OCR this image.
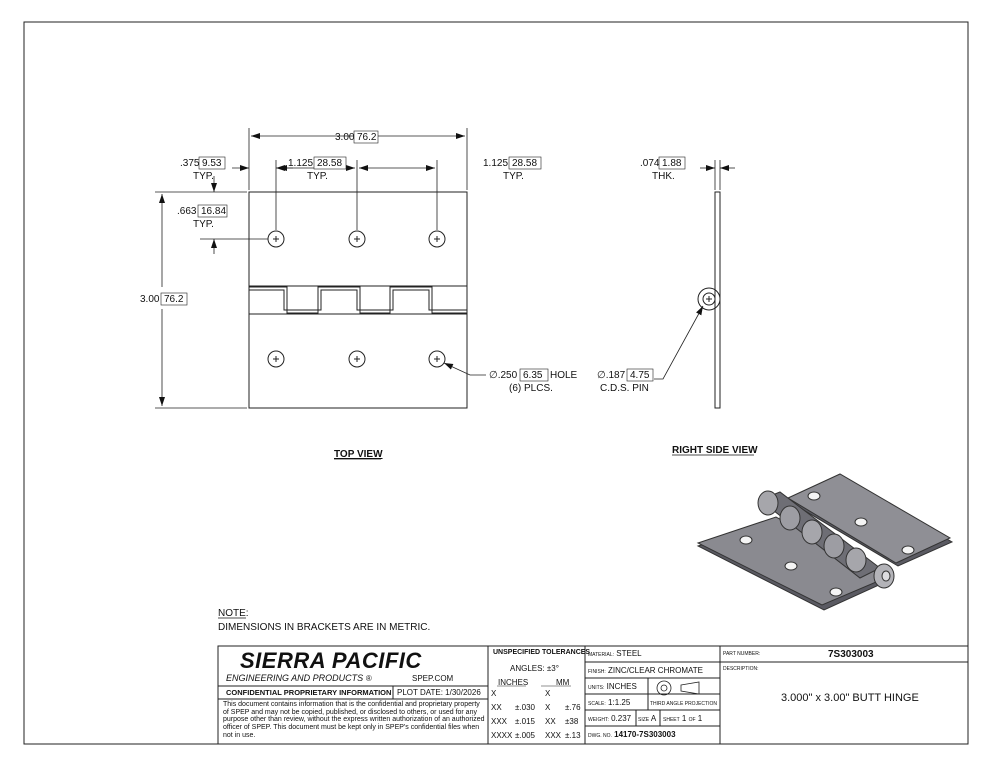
3.00 76.2
.375 9.53
TYP.
1.125 28.58
TYP.
1.125 28.58
TYP.
.663 16.84
TYP.
3.00 76.2
∅.250 6.35 HOLE
(6) PLCS.
.074 1.88
THK.
∅.187 4.75
C.D.S. PIN
TOP VIEW	RIGHT SIDE VIEW
NOTE:
DIMENSIONS IN BRACKETS ARE IN METRIC.
SIERRA PACIFIC
ENGINEERING AND PRODUCTS ®	SPEP.COM
CONFIDENTIAL PROPRIETARY INFORMATION PLOT DATE: 1/30/2026
This document contains information that is the confidential and proprietary property of SPEP and may not be copied, published, or disclosed to others, or used for any purpose other than review, without the express written authorization of an authorized officer of SPEP. This document must be kept only in SPEP's confidential files when not in use.
UNSPECIFIED TOLERANCES
ANGLES: ±3°
INCHES	MM
X	X
XX ±.030 X ±.76
XXX ±.015 XX ±38
XXXX ±.005 XXX ±.13
MATERIAL: STEEL
FINISH: ZINC/CLEAR CHROMATE
UNITS: INCHES
THIRD ANGLE PROJECTION
SCALE: 1:1.25
WEIGHT: 0.237 SIZE A SHEET 1 OF 1
DWG. NO. 14170-7S303003
PART NUMBER:	7S303003
DESCRIPTION:
3.000" x 3.00" BUTT HINGE
